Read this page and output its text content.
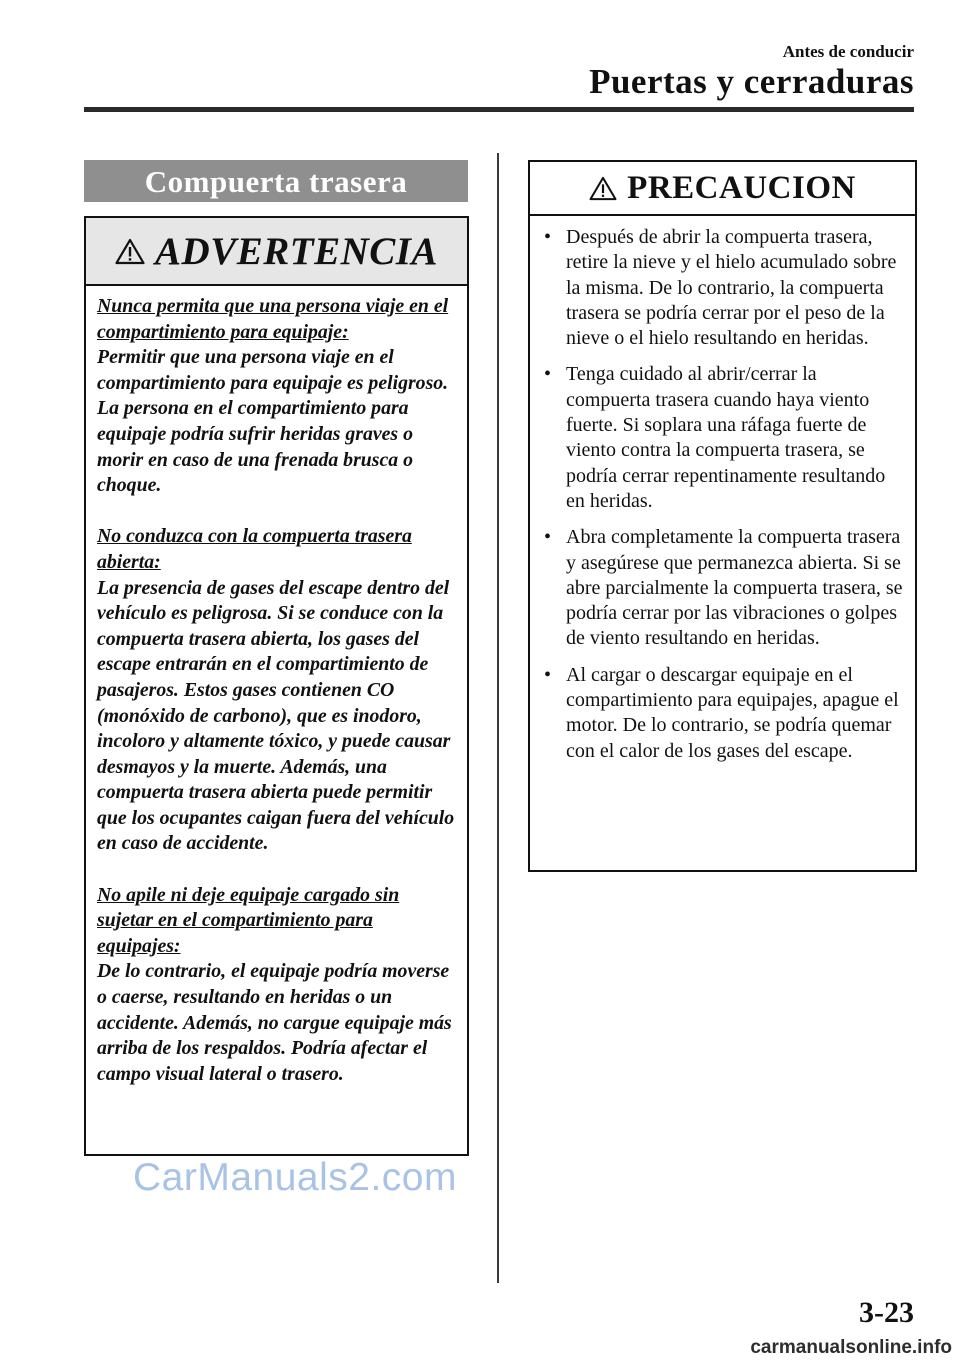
Antes de conducir
Puertas y cerraduras
Compuerta trasera
ADVERTENCIA
Nunca permita que una persona viaje en el compartimiento para equipaje:
Permitir que una persona viaje en el compartimiento para equipaje es peligroso. La persona en el compartimiento para equipaje podría sufrir heridas graves o morir en caso de una frenada brusca o choque.
No conduzca con la compuerta trasera abierta:
La presencia de gases del escape dentro del vehículo es peligrosa. Si se conduce con la compuerta trasera abierta, los gases del escape entrarán en el compartimiento de pasajeros. Estos gases contienen CO (monóxido de carbono), que es inodoro, incoloro y altamente tóxico, y puede causar desmayos y la muerte. Además, una compuerta trasera abierta puede permitir que los ocupantes caigan fuera del vehículo en caso de accidente.
No apile ni deje equipaje cargado sin sujetar en el compartimiento para equipajes:
De lo contrario, el equipaje podría moverse o caerse, resultando en heridas o un accidente. Además, no cargue equipaje más arriba de los respaldos. Podría afectar el campo visual lateral o trasero.
PRECAUCION
• Después de abrir la compuerta trasera, retire la nieve y el hielo acumulado sobre la misma. De lo contrario, la compuerta trasera se podría cerrar por el peso de la nieve o el hielo resultando en heridas.
• Tenga cuidado al abrir/cerrar la compuerta trasera cuando haya viento fuerte. Si soplara una ráfaga fuerte de viento contra la compuerta trasera, se podría cerrar repentinamente resultando en heridas.
• Abra completamente la compuerta trasera y asegúrese que permanezca abierta. Si se abre parcialmente la compuerta trasera, se podría cerrar por las vibraciones o golpes de viento resultando en heridas.
• Al cargar o descargar equipaje en el compartimiento para equipajes, apague el motor. De lo contrario, se podría quemar con el calor de los gases del escape.
CarManuals2.com
3-23
carmanualsonline.info
